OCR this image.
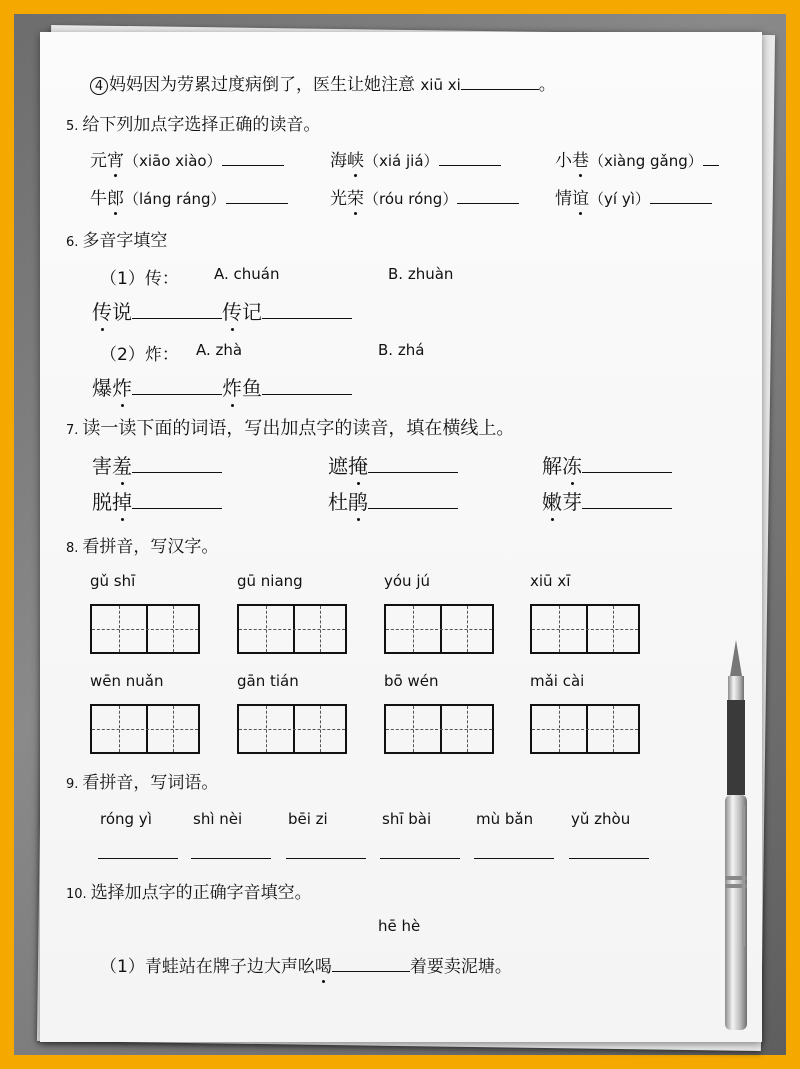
4 妈妈因为劳累过度病倒了，医生让她注意 xiū xi	。
5. 给下列加点字选择正确的读音。
元宵（xiāo xiào）	海峡（xiá jiá）	小巷（xiàng gǎng）
牛郎（láng ráng）	光荣（róu róng）	情谊（yí yì）
6. 多音字填空
（1）传： A. chuán	B. zhuàn
传说	传记
（2）炸： A. zhà	B. zhá
爆炸	炸鱼
7. 读一读下面的词语，写出加点字的读音，填在横线上。
害羞	遮掩	解冻
脱掉	杜鹃	嫩芽
8. 看拼音，写汉字。
gǔ shī	gū niang	yóu jú	xiū xī
wēn nuǎn	gān tián	bō wén	mǎi cài
9. 看拼音，写词语。
róng yì	shì nèi	bēi zi	shī bài	mù bǎn	yǔ zhòu
10. 选择加点字的正确字音填空。
hē hè
（1）青蛙站在牌子边大声吆喝	着要卖泥塘。
